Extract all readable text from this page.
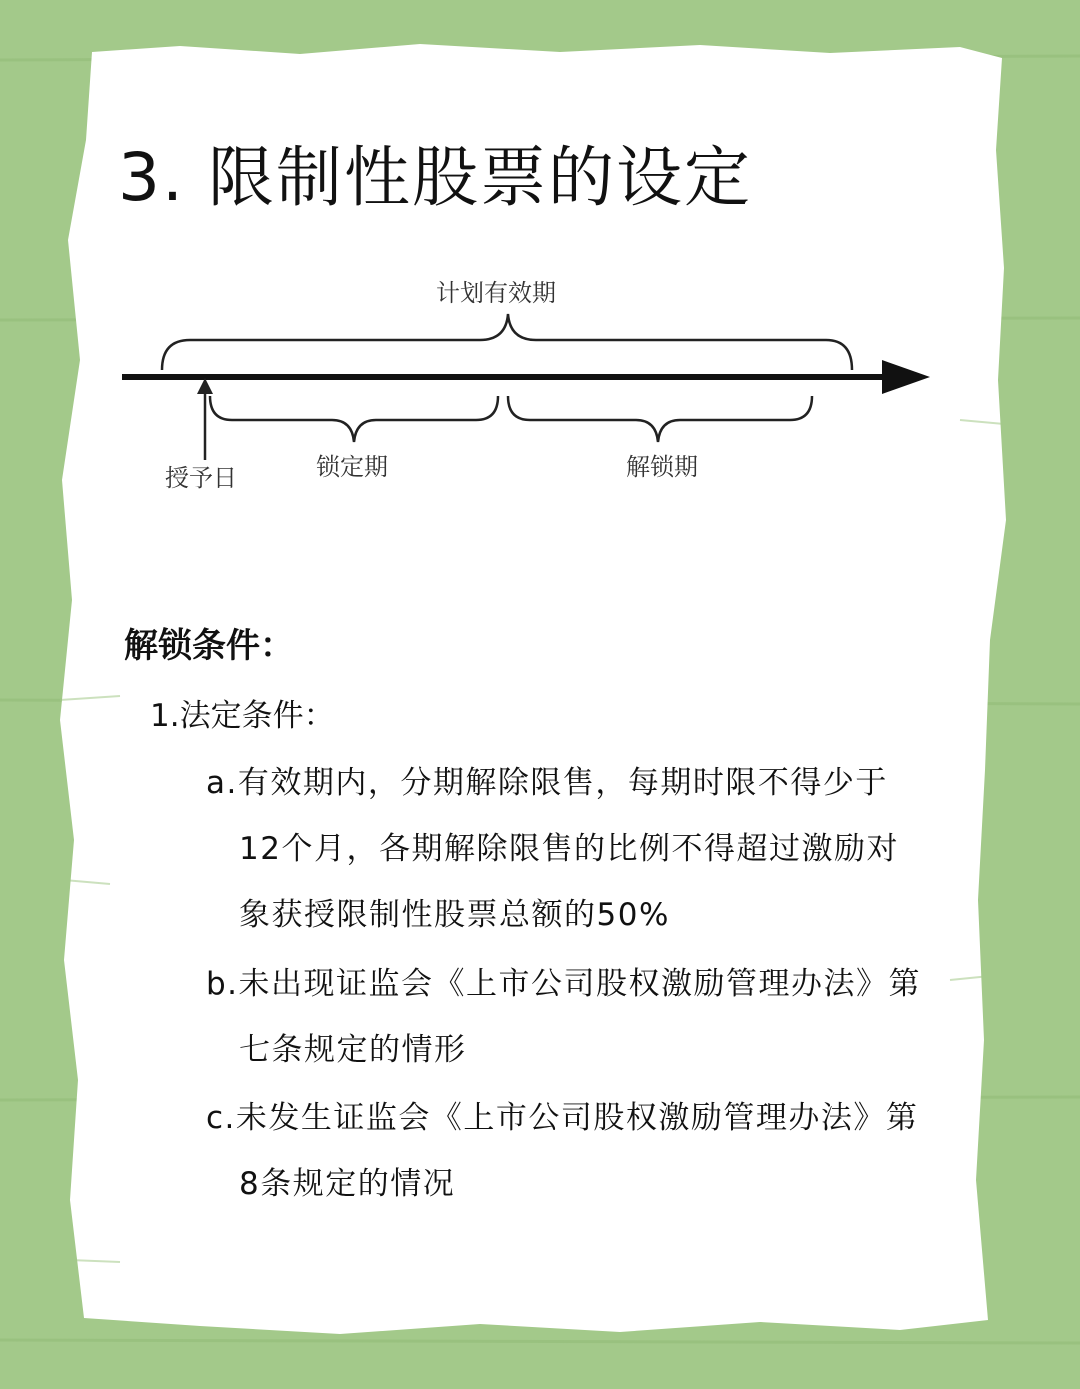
3. 限制性股票的设定
计划有效期
授予日	锁定期	解锁期
解锁条件：
1.法定条件：
a.有效期内，分期解除限售，每期时限不得少于
12个月，各期解除限售的比例不得超过激励对
象获授限制性股票总额的50%
b.未出现证监会《上市公司股权激励管理办法》第
七条规定的情形
c.未发生证监会《上市公司股权激励管理办法》第
8条规定的情况
